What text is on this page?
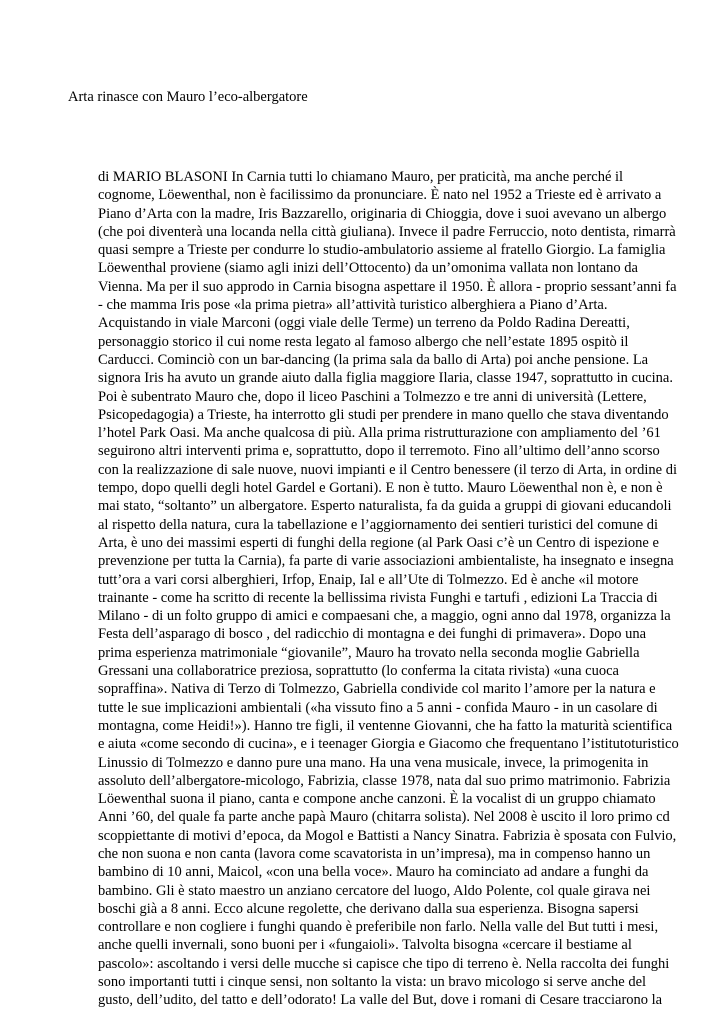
Arta rinasce con Mauro l’eco-albergatore
di MARIO BLASONI In Carnia tutti lo chiamano Mauro, per praticità, ma anche perché il
cognome, Löewenthal, non è facilissimo da pronunciare. È nato nel 1952 a Trieste ed è arrivato a
Piano d’Arta con la madre, Iris Bazzarello, originaria di Chioggia, dove i suoi avevano un albergo
(che poi diventerà una locanda nella città giuliana). Invece il padre Ferruccio, noto dentista, rimarrà
quasi sempre a Trieste per condurre lo studio-ambulatorio assieme al fratello Giorgio. La famiglia
Löewenthal proviene (siamo agli inizi dell’Ottocento) da un’omonima vallata non lontano da
Vienna. Ma per il suo approdo in Carnia bisogna aspettare il 1950. È allora - proprio sessant’anni fa
- che mamma Iris pose «la prima pietra» all’attività turistico alberghiera a Piano d’Arta.
Acquistando in viale Marconi (oggi viale delle Terme) un terreno da Poldo Radina Dereatti,
personaggio storico il cui nome resta legato al famoso albergo che nell’estate 1895 ospitò il
Carducci. Cominciò con un bar-dancing (la prima sala da ballo di Arta) poi anche pensione. La
signora Iris ha avuto un grande aiuto dalla figlia maggiore Ilaria, classe 1947, soprattutto in cucina.
Poi è subentrato Mauro che, dopo il liceo Paschini a Tolmezzo e tre anni di università (Lettere,
Psicopedagogia) a Trieste, ha interrotto gli studi per prendere in mano quello che stava diventando
l’hotel Park Oasi. Ma anche qualcosa di più. Alla prima ristrutturazione con ampliamento del ’61
seguirono altri interventi prima e, soprattutto, dopo il terremoto. Fino all’ultimo dell’anno scorso
con la realizzazione di sale nuove, nuovi impianti e il Centro benessere (il terzo di Arta, in ordine di
tempo, dopo quelli degli hotel Gardel e Gortani). E non è tutto. Mauro Löewenthal non è, e non è
mai stato, “soltanto” un albergatore. Esperto naturalista, fa da guida a gruppi di giovani educandoli
al rispetto della natura, cura la tabellazione e l’aggiornamento dei sentieri turistici del comune di
Arta, è uno dei massimi esperti di funghi della regione (al Park Oasi c’è un Centro di ispezione e
prevenzione per tutta la Carnia), fa parte di varie associazioni ambientaliste, ha insegnato e insegna
tutt’ora a vari corsi alberghieri, Irfop, Enaip, Ial e all’Ute di Tolmezzo. Ed è anche «il motore
trainante - come ha scritto di recente la bellissima rivista Funghi e tartufi , edizioni La Traccia di
Milano - di un folto gruppo di amici e compaesani che, a maggio, ogni anno dal 1978, organizza la
Festa dell’asparago di bosco , del radicchio di montagna e dei funghi di primavera». Dopo una
prima esperienza matrimoniale “giovanile”, Mauro ha trovato nella seconda moglie Gabriella
Gressani una collaboratrice preziosa, soprattutto (lo conferma la citata rivista) «una cuoca
sopraffina». Nativa di Terzo di Tolmezzo, Gabriella condivide col marito l’amore per la natura e
tutte le sue implicazioni ambientali («ha vissuto fino a 5 anni - confida Mauro - in un casolare di
montagna, come Heidi!»). Hanno tre figli, il ventenne Giovanni, che ha fatto la maturità scientifica
e aiuta «come secondo di cucina», e i teenager Giorgia e Giacomo che frequentano l’istitutoturistico
Linussio di Tolmezzo e danno pure una mano. Ha una vena musicale, invece, la primogenita in
assoluto dell’albergatore-micologo, Fabrizia, classe 1978, nata dal suo primo matrimonio. Fabrizia
Löewenthal suona il piano, canta e compone anche canzoni. È la vocalist di un gruppo chiamato
Anni ’60, del quale fa parte anche papà Mauro (chitarra solista). Nel 2008 è uscito il loro primo cd
scoppiettante di motivi d’epoca, da Mogol e Battisti a Nancy Sinatra. Fabrizia è sposata con Fulvio,
che non suona e non canta (lavora come scavatorista in un’impresa), ma in compenso hanno un
bambino di 10 anni, Maicol, «con una bella voce». Mauro ha cominciato ad andare a funghi da
bambino. Gli è stato maestro un anziano cercatore del luogo, Aldo Polente, col quale girava nei
boschi già a 8 anni. Ecco alcune regolette, che derivano dalla sua esperienza. Bisogna sapersi
controllare e non cogliere i funghi quando è preferibile non farlo. Nella valle del But tutti i mesi,
anche quelli invernali, sono buoni per i «fungaioli». Talvolta bisogna «cercare il bestiame al
pascolo»: ascoltando i versi delle mucche si capisce che tipo di terreno è. Nella raccolta dei funghi
sono importanti tutti i cinque sensi, non soltanto la vista: un bravo micologo si serve anche del
gusto, dell’udito, del tatto e dell’odorato! La valle del But, dove i romani di Cesare tracciarono la
